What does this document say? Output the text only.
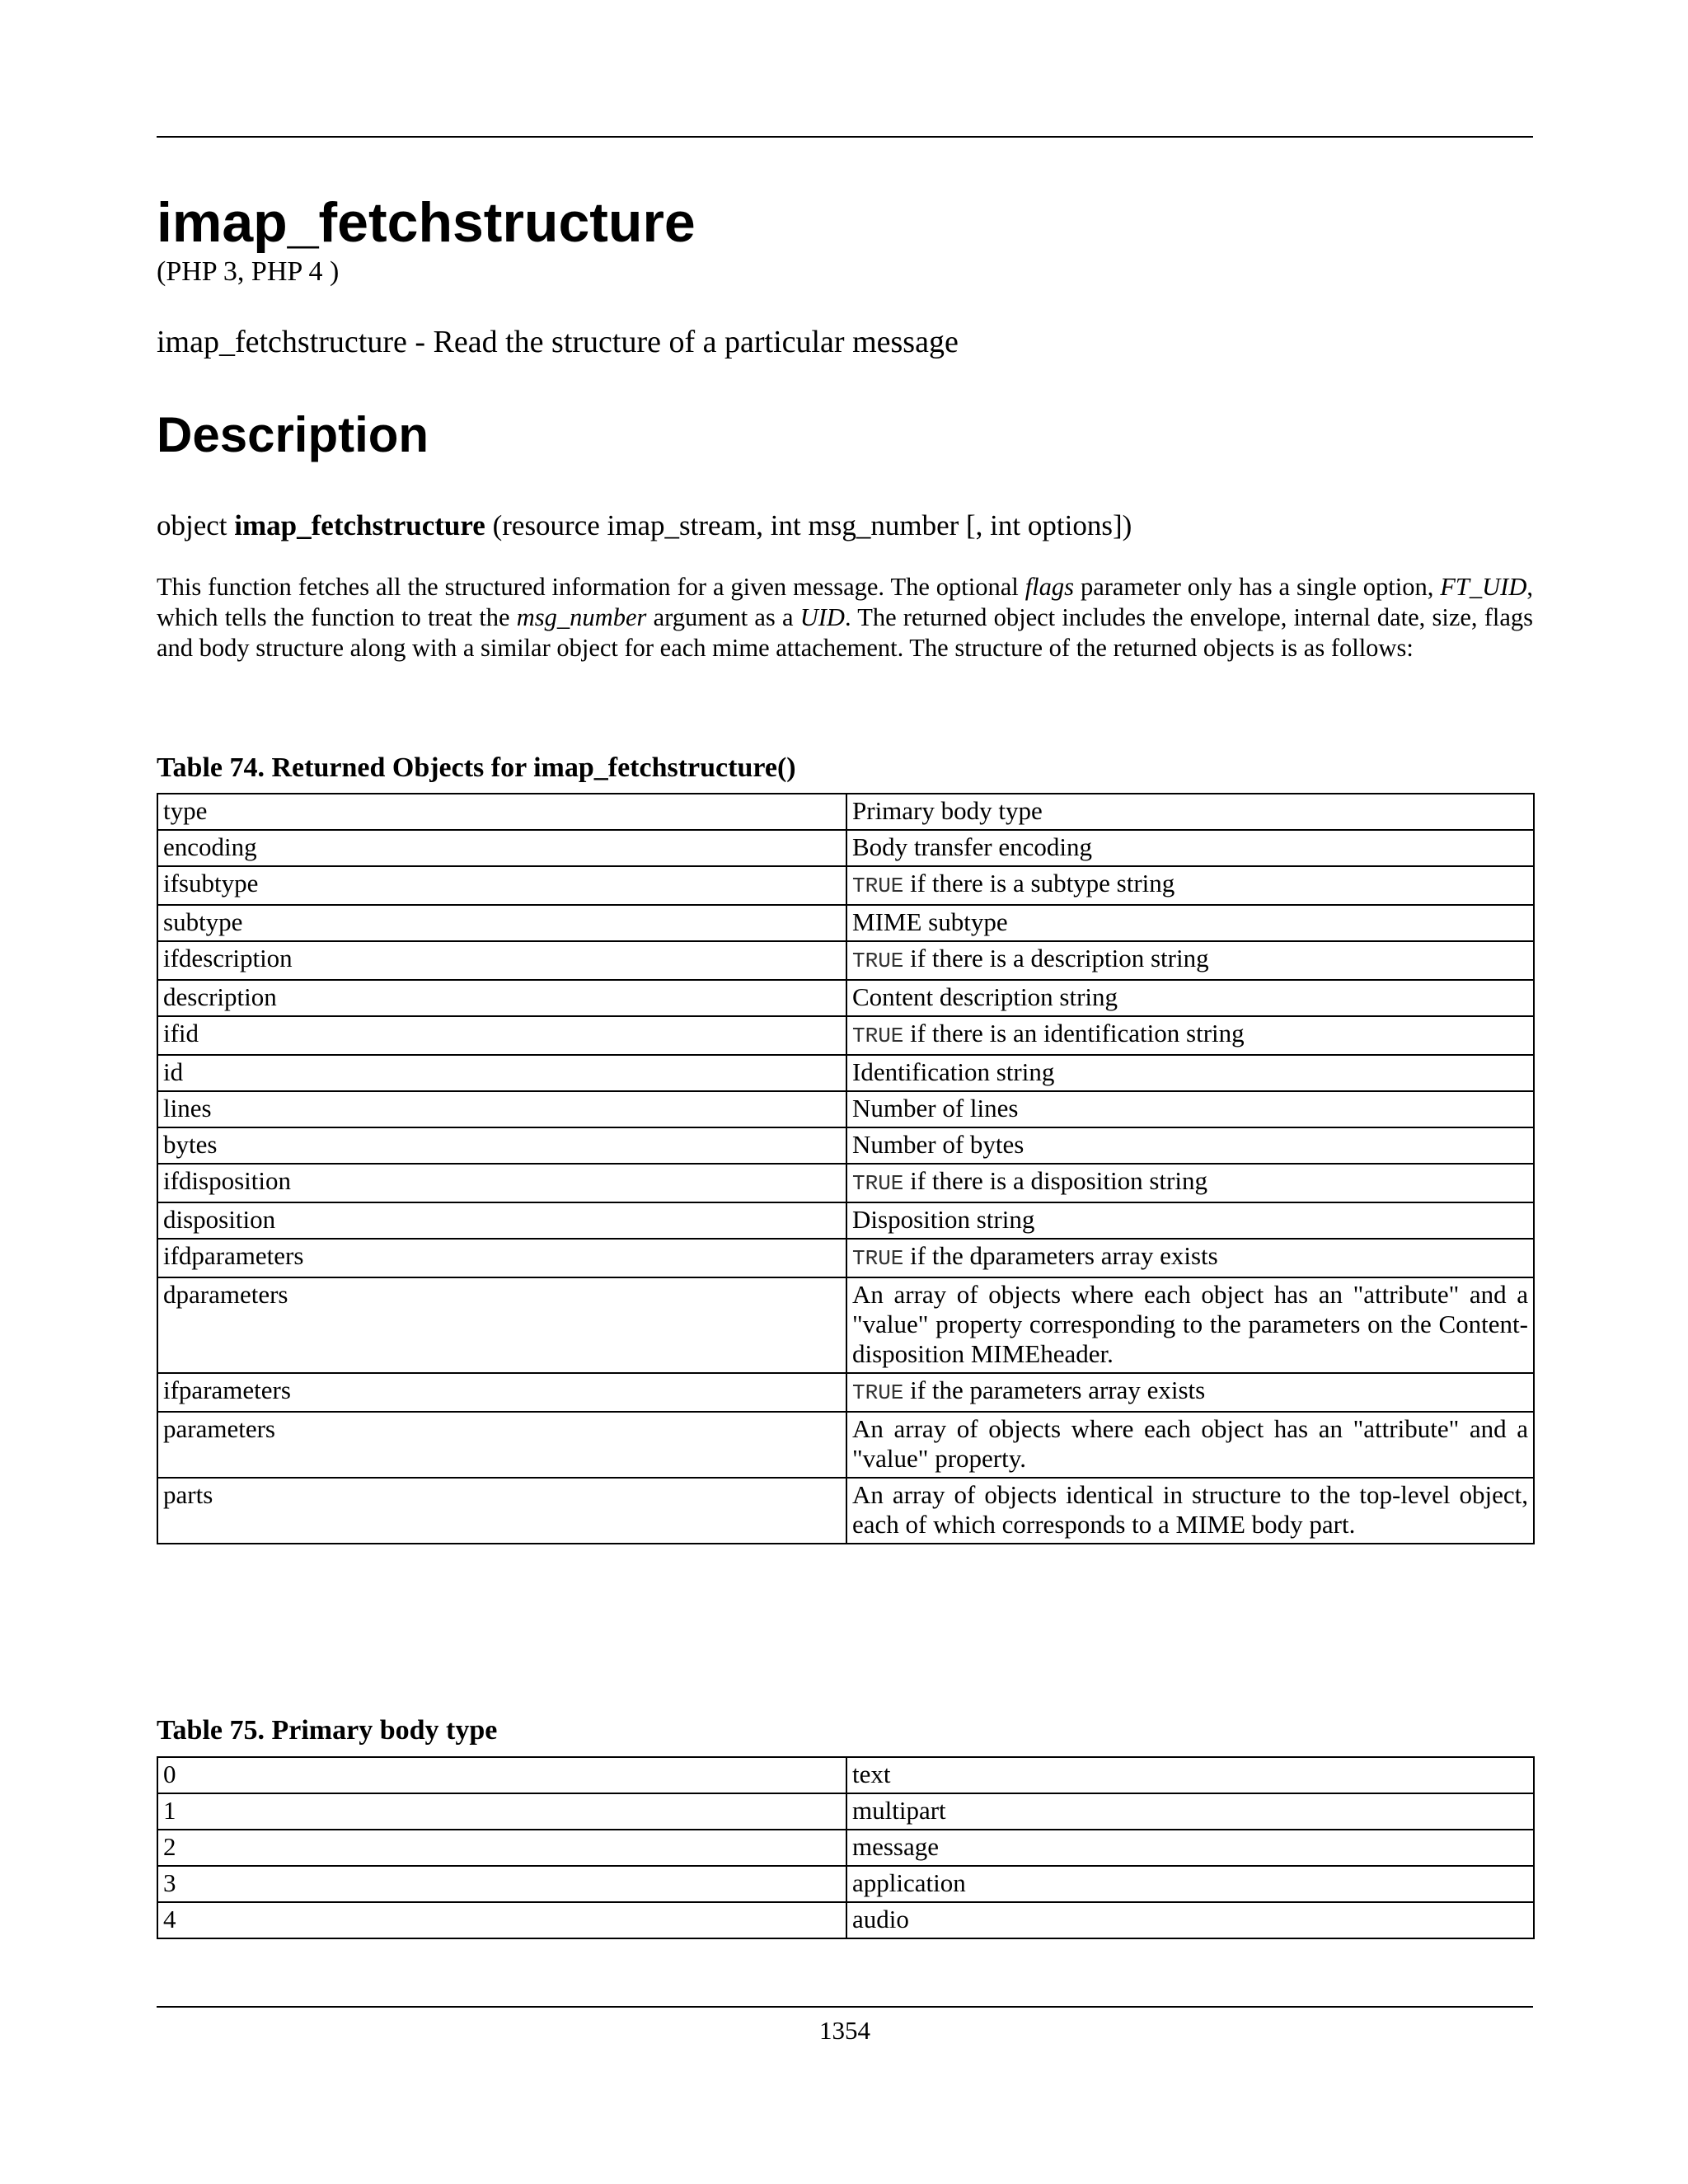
imap_fetchstructure
(PHP 3, PHP 4 )
imap_fetchstructure - Read the structure of a particular message
Description
object imap_fetchstructure (resource imap_stream, int msg_number [, int options])

This function fetches all the structured information for a given message. The optional flags parameter only has a single option, FT_UID, which tells the function to treat the msg_number argument as a UID. The returned object includes the envelope, internal date, size, flags and body structure along with a similar object for each mime attachement. The structure of the returned objects is as follows:

Table 74. Returned Objects for imap_fetchstructure()
type	Primary body type
encoding	Body transfer encoding
ifsubtype	TRUE if there is a subtype string
subtype	MIME subtype
ifdescription	TRUE if there is a description string
description	Content description string
ifid	TRUE if there is an identification string
id	Identification string
lines	Number of lines
bytes	Number of bytes
ifdisposition	TRUE if there is a disposition string
disposition	Disposition string
ifdparameters	TRUE if the dparameters array exists
dparameters	An array of objects where each object has an "attribute" and a "value" property corresponding to the parameters on the Content-disposition MIMEheader.
ifparameters	TRUE if the parameters array exists
parameters	An array of objects where each object has an "attribute" and a "value" property.
parts	An array of objects identical in structure to the top-level object, each of which corresponds to a MIME body part.
Table 75. Primary body type
0	text
1	multipart
2	message
3	application
4	audio
1354
